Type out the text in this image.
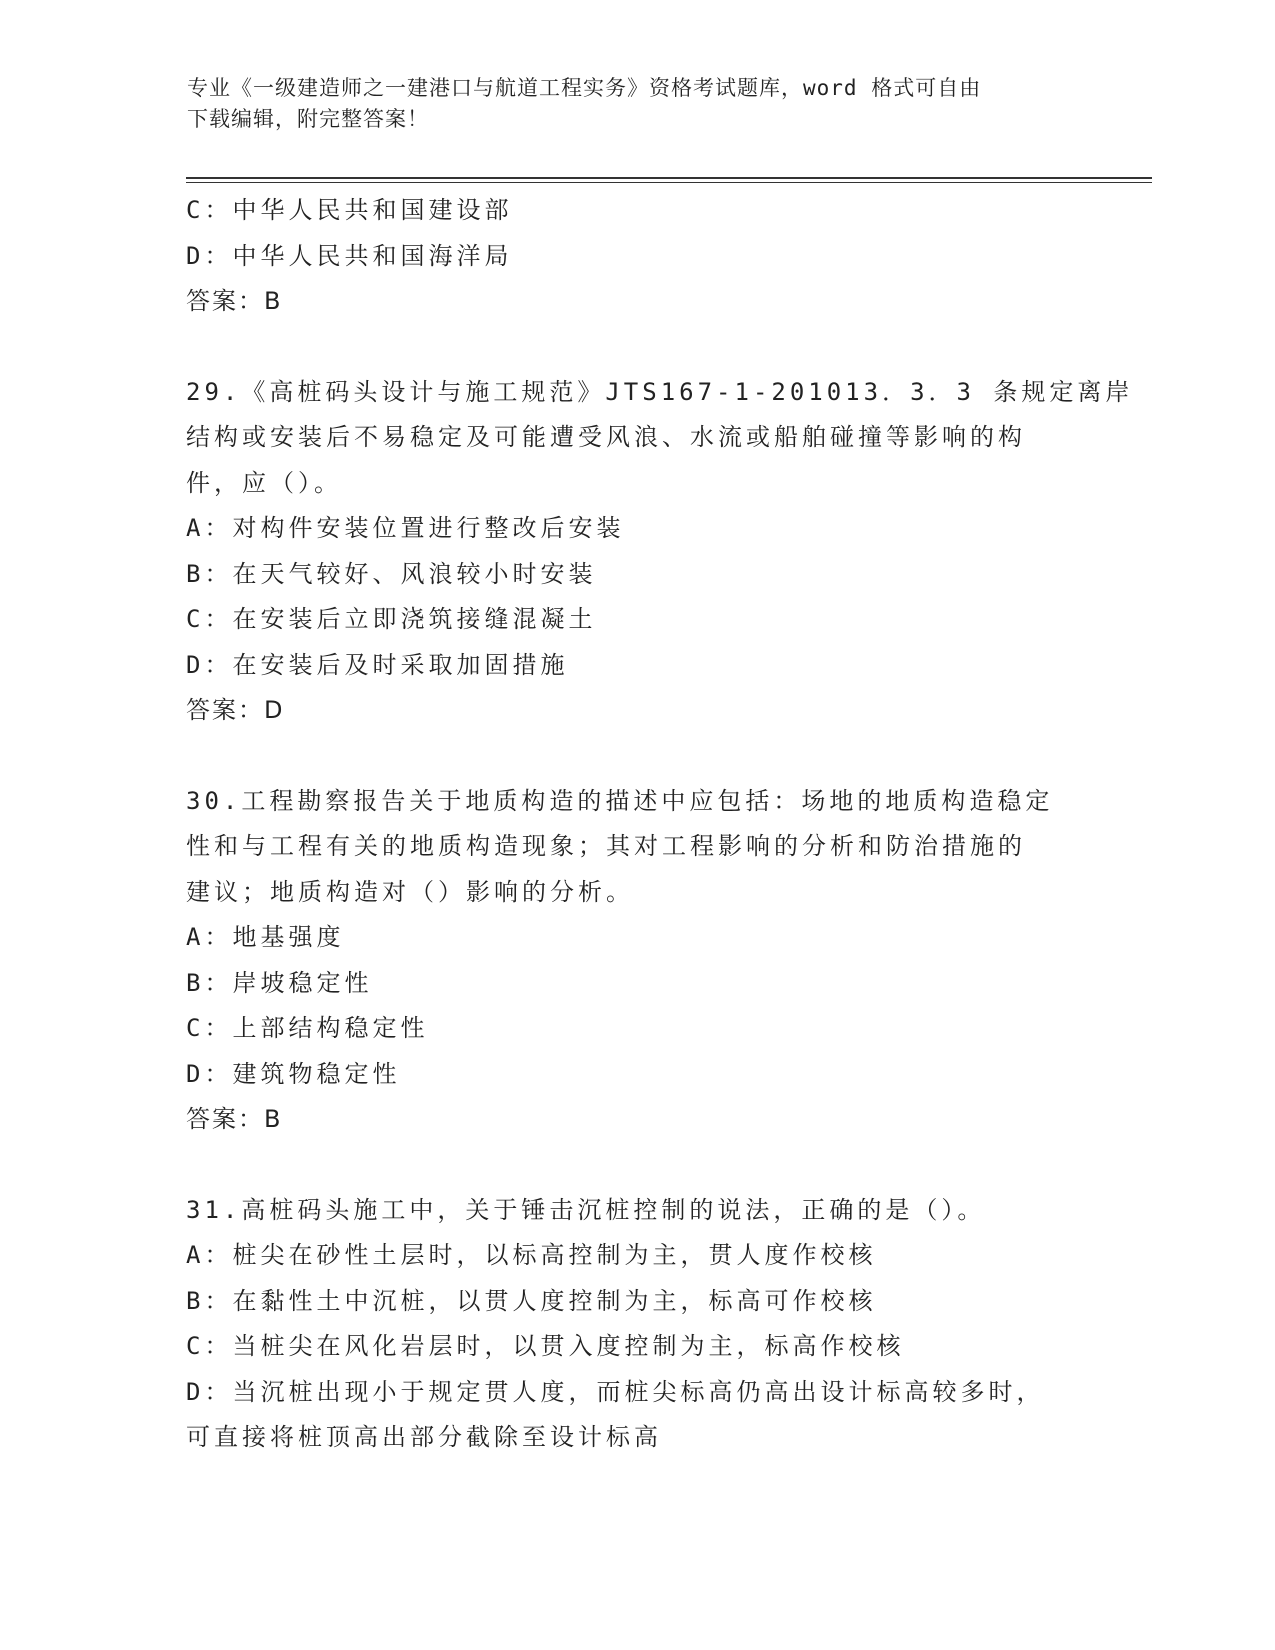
专业《一级建造师之一建港口与航道工程实务》资格考试题库，word 格式可自由
下载编辑，附完整答案！
C：中华人民共和国建设部
D：中华人民共和国海洋局
答案：B
29.《高桩码头设计与施工规范》JTS167-1-201013．3．3 条规定离岸
结构或安装后不易稳定及可能遭受风浪、水流或船舶碰撞等影响的构
件，应（）。
A：对构件安装位置进行整改后安装
B：在天气较好、风浪较小时安装
C：在安装后立即浇筑接缝混凝土
D：在安装后及时采取加固措施
答案：D
30.工程勘察报告关于地质构造的描述中应包括：场地的地质构造稳定
性和与工程有关的地质构造现象；其对工程影响的分析和防治措施的
建议；地质构造对（）影响的分析。
A：地基强度
B：岸坡稳定性
C：上部结构稳定性
D：建筑物稳定性
答案：B
31.高桩码头施工中，关于锤击沉桩控制的说法，正确的是（）。
A：桩尖在砂性土层时，以标高控制为主，贯人度作校核
B：在黏性土中沉桩，以贯人度控制为主，标高可作校核
C：当桩尖在风化岩层时，以贯入度控制为主，标高作校核
D：当沉桩出现小于规定贯人度，而桩尖标高仍高出设计标高较多时，
可直接将桩顶高出部分截除至设计标高
